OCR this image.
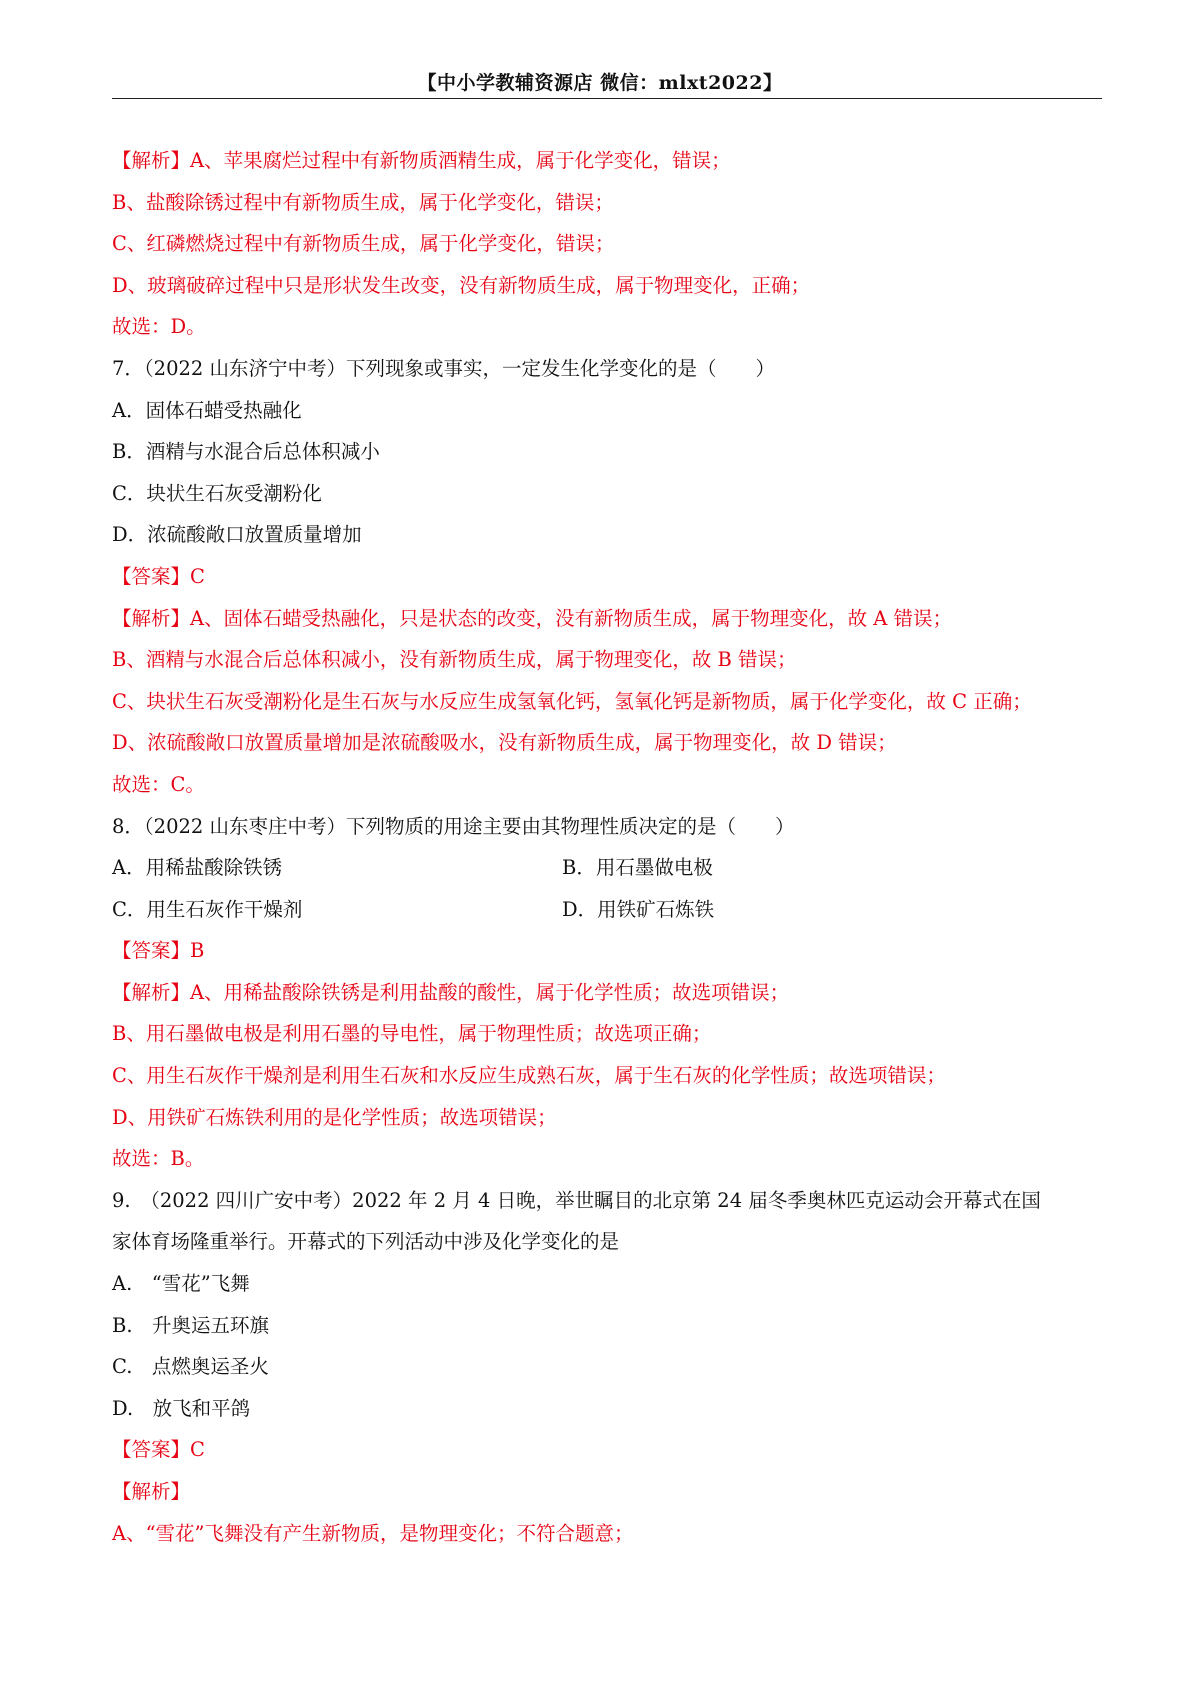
【中小学教辅资源店 微信：mlxt2022】
【解析】A、苹果腐烂过程中有新物质酒精生成，属于化学变化，错误；
B、盐酸除锈过程中有新物质生成，属于化学变化，错误；
C、红磷燃烧过程中有新物质生成，属于化学变化，错误；
D、玻璃破碎过程中只是形状发生改变，没有新物质生成，属于物理变化，正确；
故选：D。
7．（2022 山东济宁中考）下列现象或事实，一定发生化学变化的是（　　）
A．固体石蜡受热融化
B．酒精与水混合后总体积减小
C．块状生石灰受潮粉化
D．浓硫酸敞口放置质量增加
【答案】C
【解析】A、固体石蜡受热融化，只是状态的改变，没有新物质生成，属于物理变化，故 A 错误；
B、酒精与水混合后总体积减小，没有新物质生成，属于物理变化，故 B 错误；
C、块状生石灰受潮粉化是生石灰与水反应生成氢氧化钙，氢氧化钙是新物质，属于化学变化，故 C 正确；
D、浓硫酸敞口放置质量增加是浓硫酸吸水，没有新物质生成，属于物理变化，故 D 错误；
故选：C。
8．（2022 山东枣庄中考）下列物质的用途主要由其物理性质决定的是（　　）
A．用稀盐酸除铁锈	B．用石墨做电极
C．用生石灰作干燥剂	D．用铁矿石炼铁
【答案】B
【解析】A、用稀盐酸除铁锈是利用盐酸的酸性，属于化学性质；故选项错误；
B、用石墨做电极是利用石墨的导电性，属于物理性质；故选项正确；
C、用生石灰作干燥剂是利用生石灰和水反应生成熟石灰，属于生石灰的化学性质；故选项错误；
D、用铁矿石炼铁利用的是化学性质；故选项错误；
故选：B。
9.　（2022 四川广安中考）2022 年 2 月 4 日晚，举世瞩目的北京第 24 届冬季奥林匹克运动会开幕式在国
家体育场隆重举行。开幕式的下列活动中涉及化学变化的是
A.　“雪花”飞舞
B.　升奥运五环旗
C.　点燃奥运圣火
D.　放飞和平鸽
【答案】C
【解析】
A、“雪花”飞舞没有产生新物质，是物理变化；不符合题意；
